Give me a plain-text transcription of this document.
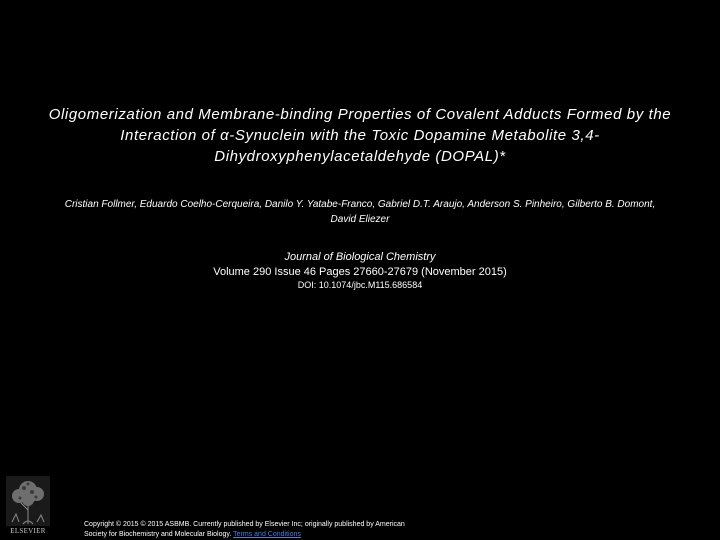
Oligomerization and Membrane-binding Properties of Covalent Adducts Formed by the
Interaction of α-Synuclein with the Toxic Dopamine Metabolite 3,4-
Dihydroxyphenylacetaldehyde (DOPAL)*
Cristian Follmer, Eduardo Coelho-Cerqueira, Danilo Y. Yatabe-Franco, Gabriel D.T. Araujo, Anderson S. Pinheiro, Gilberto B. Domont,
David Eliezer
Journal of Biological Chemistry
Volume 290 Issue 46 Pages 27660-27679 (November 2015)
DOI: 10.1074/jbc.M115.686584
ELSEVIER
Copyright © 2015 © 2015 ASBMB. Currently published by Elsevier Inc; originally published by American
Society for Biochemistry and Molecular Biology. Terms and Conditions
